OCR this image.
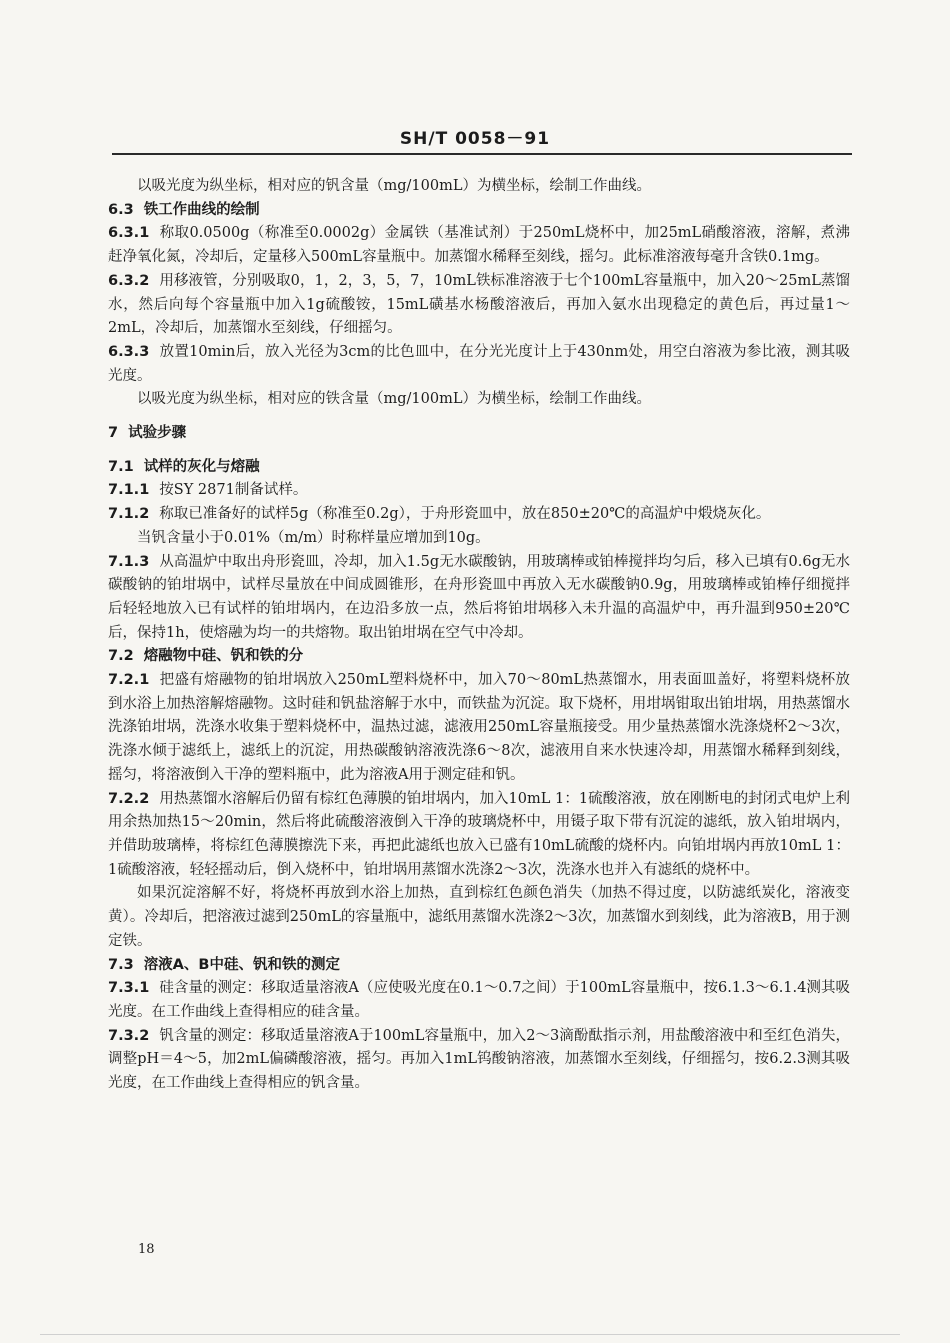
SH/T 0058－91

以吸光度为纵坐标，相对应的钒含量（mg/100mL）为横坐标，绘制工作曲线。

6.3 铁工作曲线的绘制

6.3.1 称取0.0500g（称准至0.0002g）金属铁（基准试剂）于250mL烧杯中，加25mL硝酸溶液，溶解，煮沸赶净氧化氮，冷却后，定量移入500mL容量瓶中。加蒸馏水稀释至刻线，摇匀。此标准溶液每毫升含铁0.1mg。

6.3.2 用移液管，分别吸取0，1，2，3，5，7，10mL铁标准溶液于七个100mL容量瓶中，加入20～25mL蒸馏水，然后向每个容量瓶中加入1g硫酸铵，15mL磺基水杨酸溶液后，再加入氨水出现稳定的黄色后，再过量1～2mL，冷却后，加蒸馏水至刻线，仔细摇匀。

6.3.3 放置10min后，放入光径为3cm的比色皿中，在分光光度计上于430nm处，用空白溶液为参比液，测其吸光度。

以吸光度为纵坐标，相对应的铁含量（mg/100mL）为横坐标，绘制工作曲线。

7 试验步骤

7.1 试样的灰化与熔融

7.1.1 按SY 2871制备试样。

7.1.2 称取已准备好的试样5g（称准至0.2g），于舟形瓷皿中，放在850±20℃的高温炉中煅烧灰化。

当钒含量小于0.01%（m/m）时称样量应增加到10g。

7.1.3 从高温炉中取出舟形瓷皿，冷却，加入1.5g无水碳酸钠，用玻璃棒或铂棒搅拌均匀后，移入已填有0.6g无水碳酸钠的铂坩埚中，试样尽量放在中间成圆锥形，在舟形瓷皿中再放入无水碳酸钠0.9g，用玻璃棒或铂棒仔细搅拌后轻轻地放入已有试样的铂坩埚内，在边沿多放一点，然后将铂坩埚移入未升温的高温炉中，再升温到950±20℃后，保持1h，使熔融为均一的共熔物。取出铂坩埚在空气中冷却。

7.2 熔融物中硅、钒和铁的分

7.2.1 把盛有熔融物的铂坩埚放入250mL塑料烧杯中，加入70～80mL热蒸馏水，用表面皿盖好，将塑料烧杯放到水浴上加热溶解熔融物。这时硅和钒盐溶解于水中，而铁盐为沉淀。取下烧杯，用坩埚钳取出铂坩埚，用热蒸馏水洗涤铂坩埚，洗涤水收集于塑料烧杯中，温热过滤，滤液用250mL容量瓶接受。用少量热蒸馏水洗涤烧杯2～3次，洗涤水倾于滤纸上，滤纸上的沉淀，用热碳酸钠溶液洗涤6～8次，滤液用自来水快速冷却，用蒸馏水稀释到刻线，摇匀，将溶液倒入干净的塑料瓶中，此为溶液A用于测定硅和钒。

7.2.2 用热蒸馏水溶解后仍留有棕红色薄膜的铂坩埚内，加入10mL 1：1硫酸溶液，放在刚断电的封闭式电炉上利用余热加热15～20min，然后将此硫酸溶液倒入干净的玻璃烧杯中，用镊子取下带有沉淀的滤纸，放入铂坩埚内，并借助玻璃棒，将棕红色薄膜擦洗下来，再把此滤纸也放入已盛有10mL硫酸的烧杯内。向铂坩埚内再放10mL 1：1硫酸溶液，轻轻摇动后，倒入烧杯中，铂坩埚用蒸馏水洗涤2～3次，洗涤水也并入有滤纸的烧杯中。

如果沉淀溶解不好，将烧杯再放到水浴上加热，直到棕红色颜色消失（加热不得过度，以防滤纸炭化，溶液变黄）。冷却后，把溶液过滤到250mL的容量瓶中，滤纸用蒸馏水洗涤2～3次，加蒸馏水到刻线，此为溶液B，用于测定铁。

7.3 溶液A、B中硅、钒和铁的测定

7.3.1 硅含量的测定：移取适量溶液A（应使吸光度在0.1～0.7之间）于100mL容量瓶中，按6.1.3～6.1.4测其吸光度。在工作曲线上查得相应的硅含量。

7.3.2 钒含量的测定：移取适量溶液A于100mL容量瓶中，加入2～3滴酚酞指示剂，用盐酸溶液中和至红色消失，调整pH＝4～5，加2mL偏磷酸溶液，摇匀。再加入1mL钨酸钠溶液，加蒸馏水至刻线，仔细摇匀，按6.2.3测其吸光度，在工作曲线上查得相应的钒含量。

18
